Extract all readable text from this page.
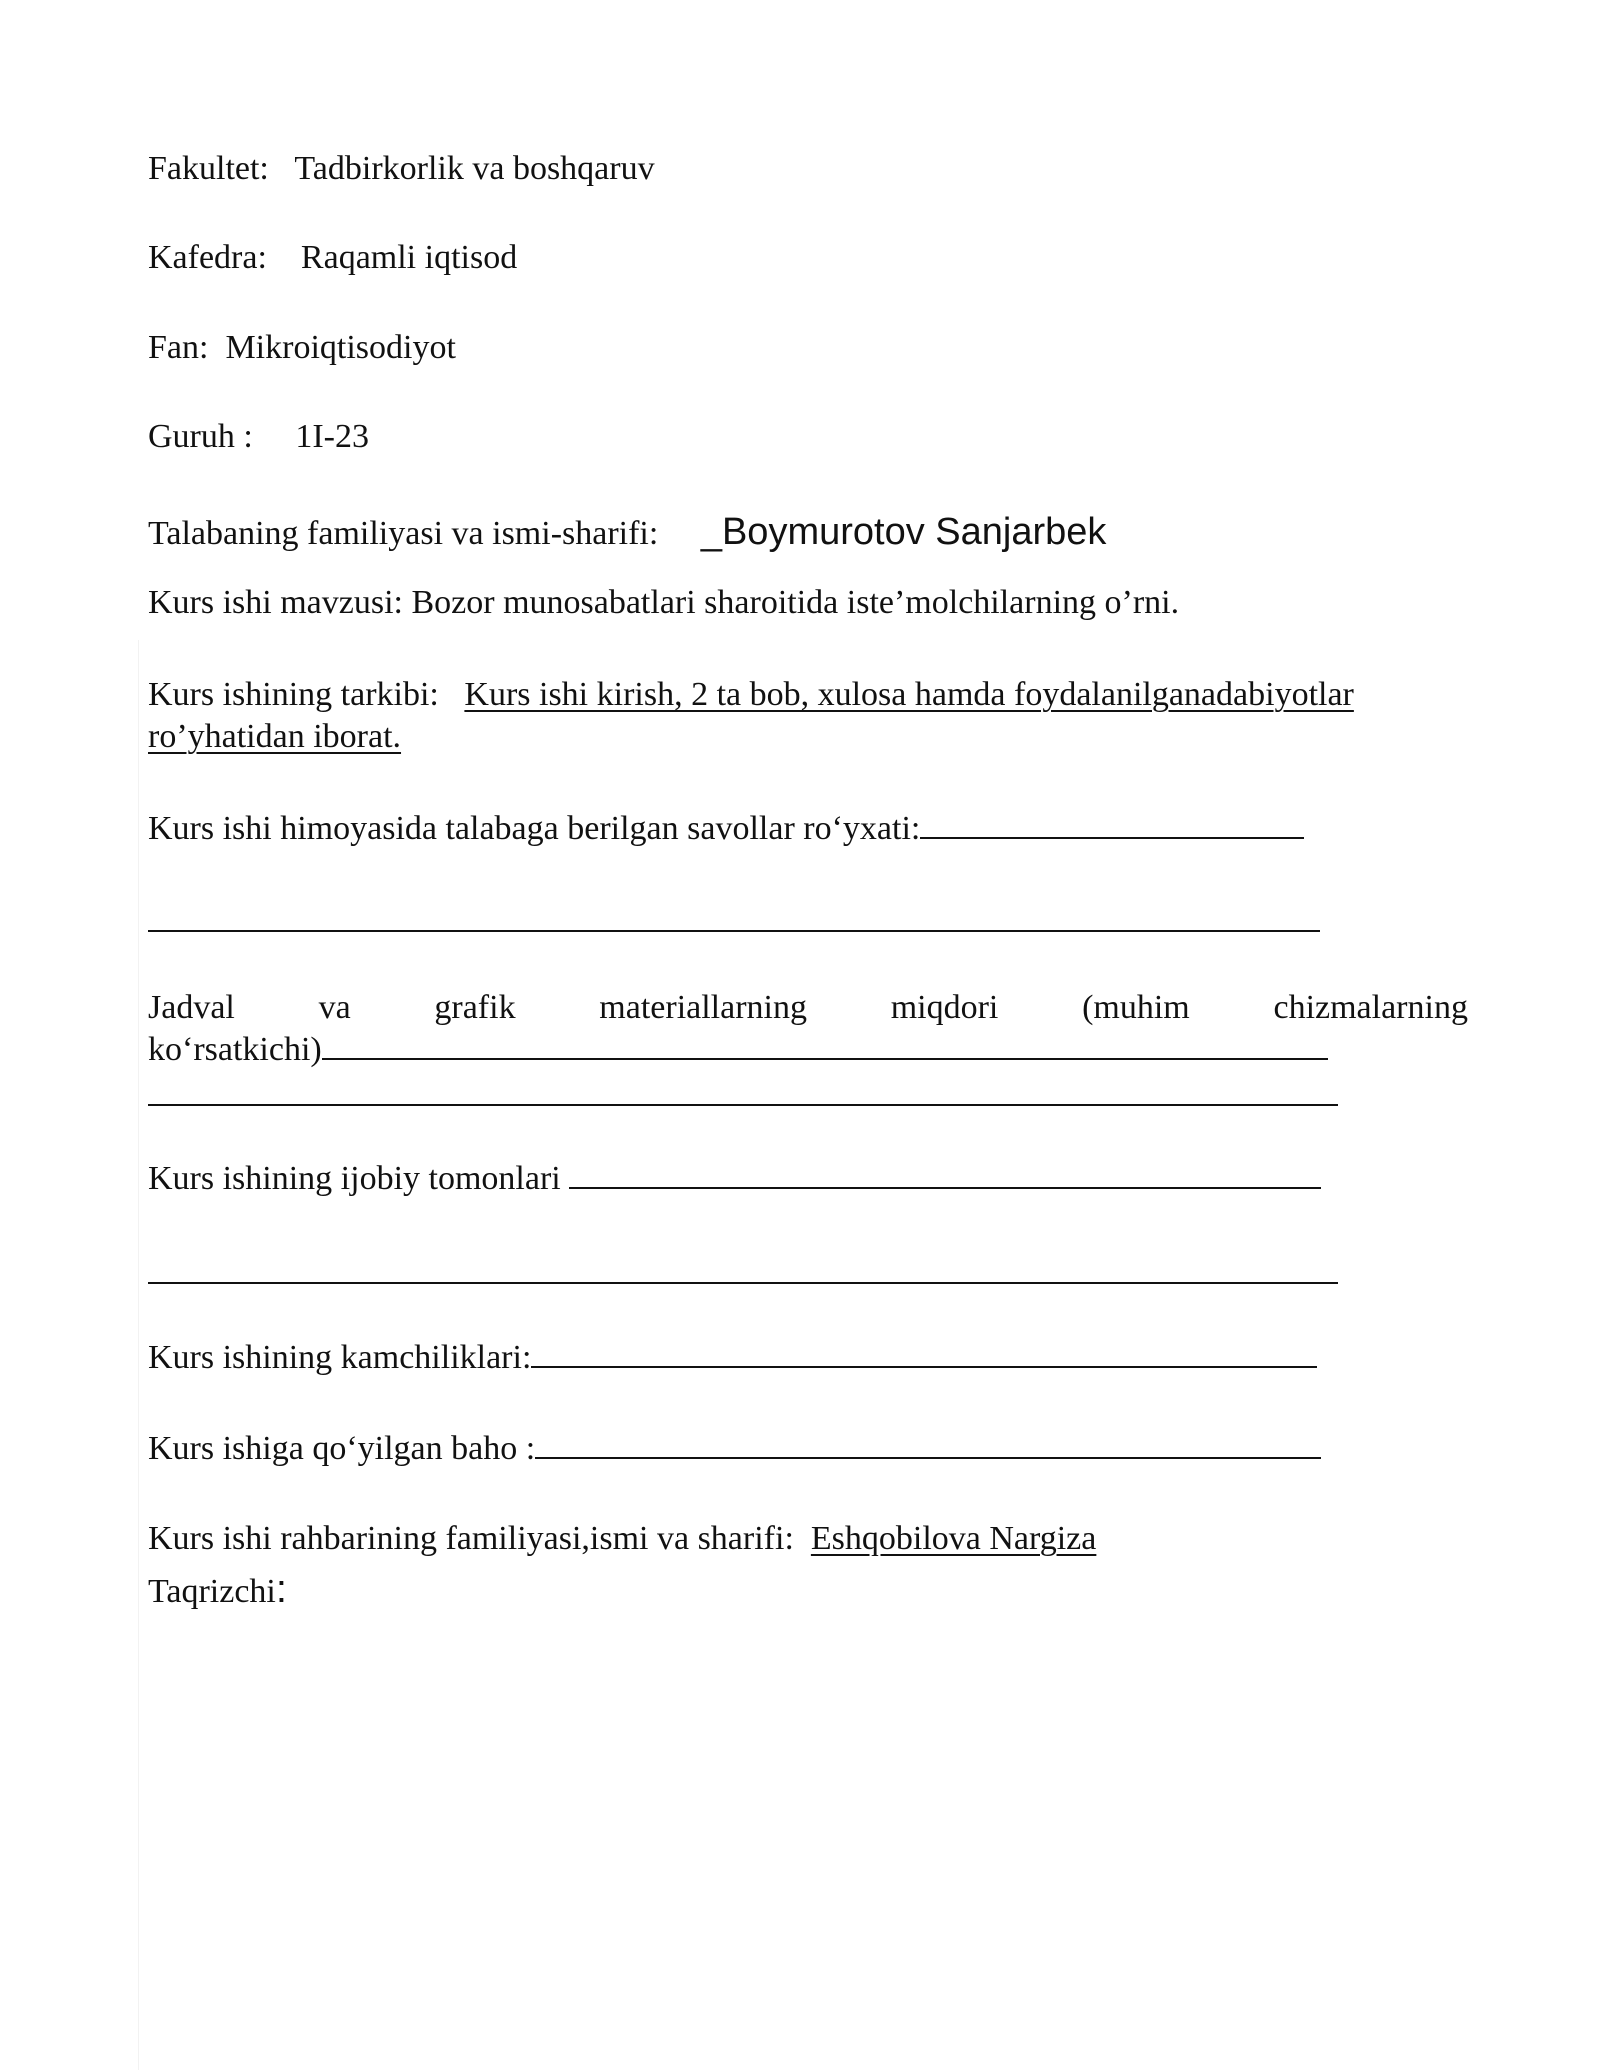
Fakultet: Tadbirkorlik va boshqaruv
Kafedra: Raqamli iqtisod
Fan: Mikroiqtisodiyot
Guruh : 1I-23
Talabaning familiyasi va ismi-sharifi: _Boymurotov Sanjarbek
Kurs ishi mavzusi: Bozor munosabatlari sharoitida iste’molchilarning o’rni.
Kurs ishining tarkibi: Kurs ishi kirish, 2 ta bob, xulosa hamda foydalanilganadabiyotlar
ro’yhatidan iborat.
Kurs ishi himoyasida talabaga berilgan savollar ro‘yxati:
Jadval va grafik materiallarning miqdori (muhim chizmalarning
ko‘rsatkichi)
Kurs ishining ijobiy tomonlari
Kurs ishining kamchiliklari:
Kurs ishiga qo‘yilgan baho :
Kurs ishi rahbarining familiyasi,ismi va sharifi: Eshqobilova Nargiza
Taqrizchi:
